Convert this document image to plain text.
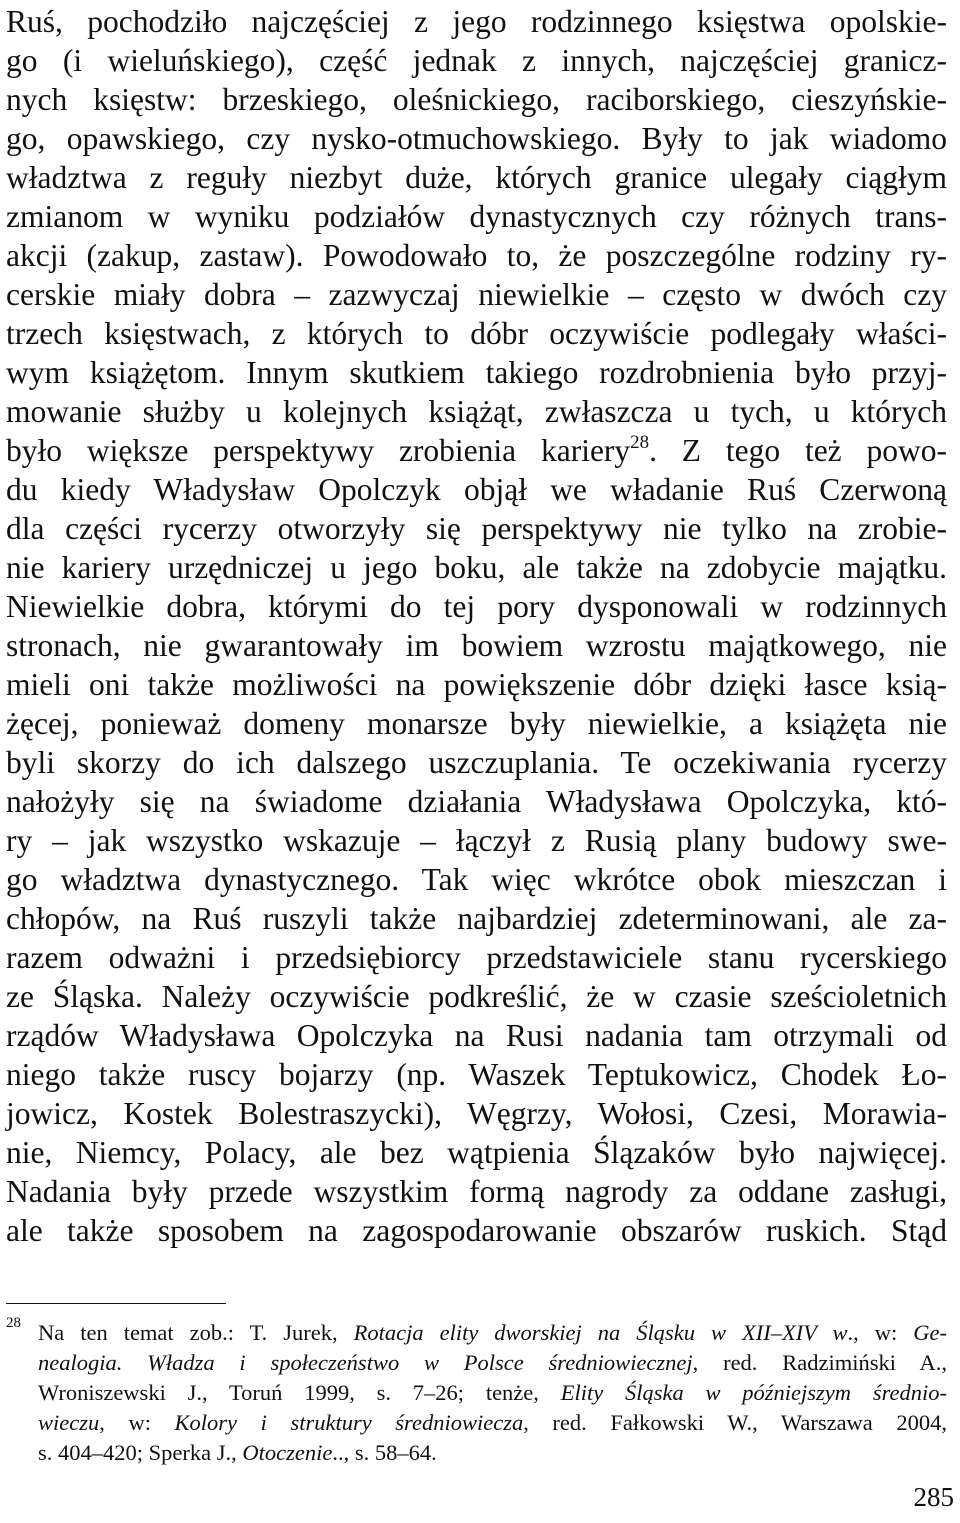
Ruś, pochodziło najczęściej z jego rodzinnego księstwa opolskie-
go (i wieluńskiego), część jednak z innych, najczęściej granicz-
nych księstw: brzeskiego, oleśnickiego, raciborskiego, cieszyńskie-
go, opawskiego, czy nysko-otmuchowskiego. Były to jak wiadomo
władztwa z reguły niezbyt duże, których granice ulegały ciągłym
zmianom w wyniku podziałów dynastycznych czy różnych trans-
akcji (zakup, zastaw). Powodowało to, że poszczególne rodziny ry-
cerskie miały dobra – zazwyczaj niewielkie – często w dwóch czy
trzech księstwach, z których to dóbr oczywiście podlegały właści-
wym książętom. Innym skutkiem takiego rozdrobnienia było przyj-
mowanie służby u kolejnych książąt, zwłaszcza u tych, u których
było większe perspektywy zrobienia kariery$^{28}$. Z tego też powo-
du kiedy Władysław Opolczyk objął we władanie Ruś Czerwoną
dla części rycerzy otworzyły się perspektywy nie tylko na zrobie-
nie kariery urzędniczej u jego boku, ale także na zdobycie majątku.
Niewielkie dobra, którymi do tej pory dysponowali w rodzinnych
stronach, nie gwarantowały im bowiem wzrostu majątkowego, nie
mieli oni także możliwości na powiększenie dóbr dzięki łasce ksią-
żęcej, ponieważ domeny monarsze były niewielkie, a książęta nie
byli skorzy do ich dalszego uszczuplania. Te oczekiwania rycerzy
nałożyły się na świadome działania Władysława Opolczyka, któ-
ry – jak wszystko wskazuje – łączył z Rusią plany budowy swe-
go władztwa dynastycznego. Tak więc wkrótce obok mieszczan i
chłopów, na Ruś ruszyli także najbardziej zdeterminowani, ale za-
razem odważni i przedsiębiorcy przedstawiciele stanu rycerskiego
ze Śląska. Należy oczywiście podkreślić, że w czasie sześcioletnich
rządów Władysława Opolczyka na Rusi nadania tam otrzymali od
niego także ruscy bojarzy (np. Waszek Teptukowicz, Chodek Ło-
jowicz, Kostek Bolestraszycki), Węgrzy, Wołosi, Czesi, Morawia-
nie, Niemcy, Polacy, ale bez wątpienia Ślązaków było najwięcej.
Nadania były przede wszystkim formą nagrody za oddane zasługi,
ale także sposobem na zagospodarowanie obszarów ruskich. Stąd
28 Na ten temat zob.: T. Jurek, Rotacja elity dworskiej na Śląsku w XII–XIV w., w: Ge-
nealogia. Władza i społeczeństwo w Polsce średniowiecznej, red. Radzimiński A.,
Wroniszewski J., Toruń 1999, s. 7–26; tenże, Elity Śląska w późniejszym średnio-
wieczu, w: Kolory i struktury średniowiecza, red. Fałkowski W., Warszawa 2004,
s. 404–420; Sperka J., Otoczenie.., s. 58–64.
285
